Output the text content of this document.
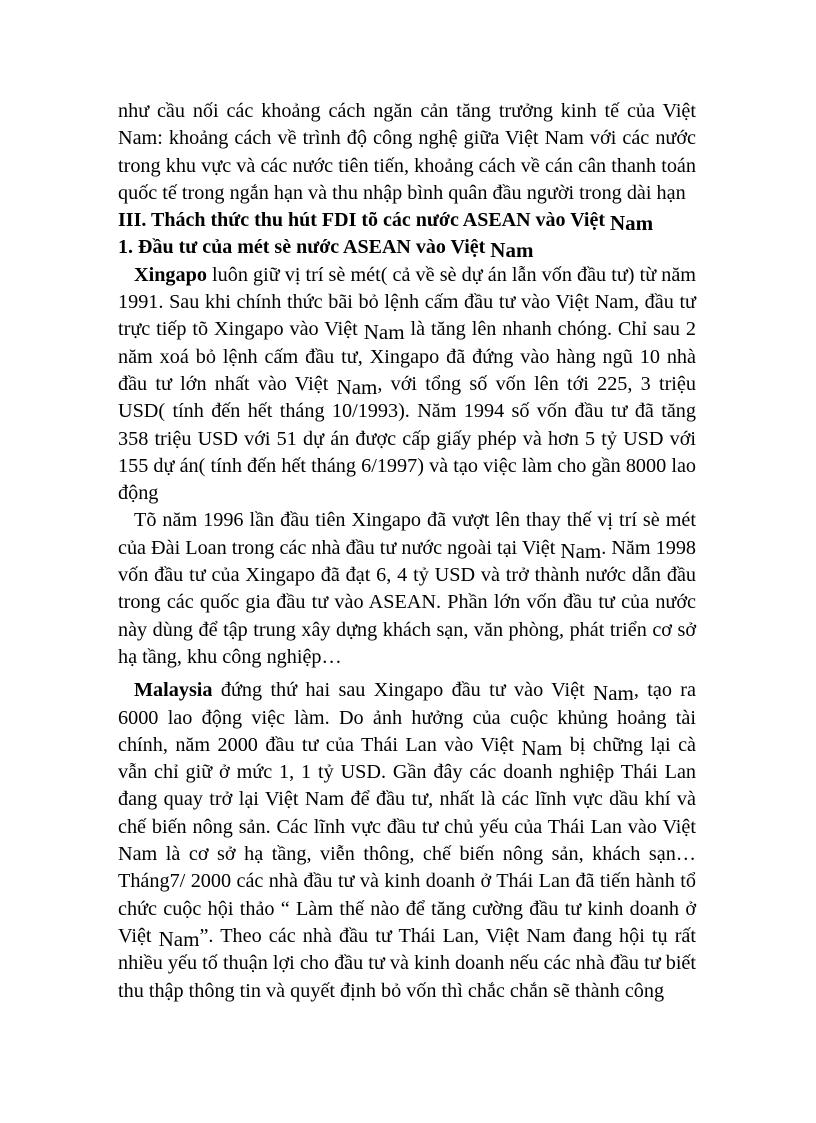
như cầu nối các khoảng cách ngăn cản tăng trưởng kinh tế của Việt Nam: khoảng cách về trình độ công nghệ giữa Việt Nam với các nước trong khu vực và các nước tiên tiến, khoảng cách về cán cân thanh toán quốc tế trong ngắn hạn và thu nhập bình quân đầu người trong dài hạn

III. Thách thức thu hút FDI tõ các nước ASEAN vào Việt Nam

1. Đầu tư của mét sè nước ASEAN vào Việt Nam

Xingapo luôn giữ vị trí sè mét( cả về sè dự án lẫn vốn đầu tư) từ năm 1991. Sau khi chính thức bãi bỏ lệnh cấm đầu tư vào Việt Nam, đầu tư trực tiếp tõ Xingapo vào Việt Nam là tăng lên nhanh chóng. Chỉ sau 2 năm xoá bỏ lệnh cấm đầu tư, Xingapo đã đứng vào hàng ngũ 10 nhà đầu tư lớn nhất vào Việt Nam, với tổng số vốn lên tới 225, 3 triệu USD( tính đến hết tháng 10/1993). Năm 1994 số vốn đầu tư đã tăng 358 triệu USD với 51 dự án được cấp giấy phép và hơn 5 tỷ USD với 155 dự án( tính đến hết tháng 6/1997) và tạo việc làm cho gần 8000 lao động

Tõ năm 1996 lần đầu tiên Xingapo đã vượt lên thay thế vị trí sè mét của Đài Loan trong các nhà đầu tư nước ngoài tại Việt Nam. Năm 1998 vốn đầu tư của Xingapo đã đạt 6, 4 tỷ USD và trở thành nước dẫn đầu trong các quốc gia đầu tư vào ASEAN. Phần lớn vốn đầu tư của nước này dùng để tập trung xây dựng khách sạn, văn phòng, phát triển cơ sở hạ tầng, khu công nghiệp…

Malaysia đứng thứ hai sau Xingapo đầu tư vào Việt Nam, tạo ra 6000 lao động việc làm. Do ảnh hưởng của cuộc khủng hoảng tài chính, năm 2000 đầu tư của Thái Lan vào Việt Nam bị chững lại cà vẫn chỉ giữ ở mức 1, 1 tỷ USD. Gần đây các doanh nghiệp Thái Lan đang quay trở lại Việt Nam để đầu tư, nhất là các lĩnh vực dầu khí và chế biến nông sản. Các lĩnh vực đầu tư chủ yếu của Thái Lan vào Việt Nam là cơ sở hạ tầng, viễn thông, chế biến nông sản, khách sạn… Tháng7/ 2000 các nhà đầu tư và kinh doanh ở Thái Lan đã tiến hành tổ chức cuộc hội thảo “ Làm thế nào để tăng cường đầu tư kinh doanh ở Việt Nam”. Theo các nhà đầu tư Thái Lan, Việt Nam đang hội tụ rất nhiều yếu tố thuận lợi cho đầu tư và kinh doanh nếu các nhà đầu tư biết thu thập thông tin và quyết định bỏ vốn thì chắc chắn sẽ thành công
